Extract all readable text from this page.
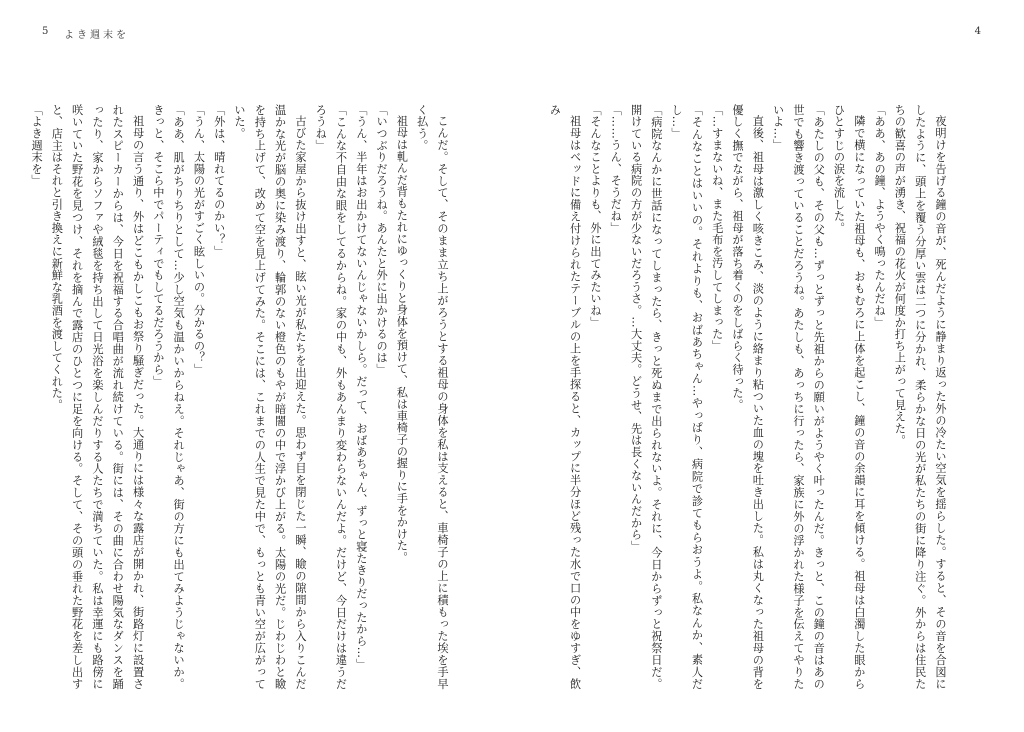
5 よき週末を

こんだ。そして、そのまま立ち上がろうとする祖母の身体を私は支えると、車椅子の上に積もった埃を手早く払う。

祖母は軋んだ背もたれにゆっくりと身体を預けて、私は車椅子の握りに手をかけた。

「いつぶりだろうね。あんたと外に出かけるのは」

「うん、半年はお出かけてないんじゃないかしら。だって、おばあちゃん、ずっと寝たきりだったから…」

「こんな不自由な眼をしてるからね。家の中も、外もあんまり変わらないんだよ。だけど、今日だけは違うだろうね」

古びた家屋から抜け出すと、眩い光が私たちを出迎えた。思わず目を閉じた一瞬、瞼の隙間から入りこんだ温かな光が脳の奥に染み渡り、輪郭のない橙色のもやが暗闇の中で浮かび上がる。太陽の光だ。じわじわと瞼を持ち上げて、改めて空を見上げてみた。そこには、これまでの人生で見た中で、もっとも青い空が広がっていた。

「外は、晴れてるのかい？」

「うん、太陽の光がすごく眩しいの。分かるの？」

「ああ、肌がちりちりとして…少し空気も温かいからねえ。それじゃあ、街の方にも出てみようじゃないか。きっと、そこら中でパーティでもしてるだろうから」

祖母の言う通り、外はどこもかしこもお祭り騒ぎだった。大通りには様々な露店が開かれ、街路灯に設置されたスピーカーからは、今日を祝福する合唱曲が流れ続けている。街には、その曲に合わせ陽気なダンスを踊ったり、家からソファや絨毯を持ち出して日光浴を楽しんだりする人たちで満ちていた。私は幸運にも路傍に咲いていた野花を見つけ、それを摘んで露店のひとつに足を向ける。そして、その頭の垂れた野花を差し出すと、店主はそれと引き換えに新鮮な乳酒を渡してくれた。

「よき週末を」

4

夜明けを告げる鐘の音が、死んだように静まり返った外の冷たい空気を揺らした。すると、その音を合図にしたように、頭上を覆う分厚い雲は二つに分かれ、柔らかな日の光が私たちの街に降り注ぐ。外からは住民たちの歓喜の声が湧き、祝福の花火が何度か打ち上がって見えた。

「ああ、あの鐘、ようやく鳴ったんだね」

隣で横になっていた祖母も、おもむろに上体を起こし、鐘の音の余韻に耳を傾ける。祖母は白濁した眼からひとすじの涙を流した。

「あたしの父も、その父も…ずっとずっと先祖からの願いがようやく叶ったんだ。きっと、この鐘の音はあの世でも響き渡っていることだろうね。あたしも、あっちに行ったら、家族に外の浮かれた様子を伝えてやりたいよ…」

直後、祖母は激しく咳きこみ、淡のように絡まり粘ついた血の塊を吐き出した。私は丸くなった祖母の背を優しく撫でながら、祖母が落ち着くのをしばらく待った。

「…すまないね、また毛布を汚してしまった」

「そんなことはいいの。それよりも、おばあちゃん…やっぱり、病院で診てもらおうよ。私なんか、素人だし…」

「病院なんかに世話になってしまったら、きっと死ぬまで出られないよ。それに、今日からずっと祝祭日だ。開けている病院の方が少ないだろうさ。…大丈夫。どうせ、先は長くないんだから」

「……うん、そうだね」

「そんなことよりも、外に出てみたいね」

祖母はベッドに備え付けられたテーブルの上を手探ると、カップに半分ほど残った水で口の中をゆすぎ、飲み
